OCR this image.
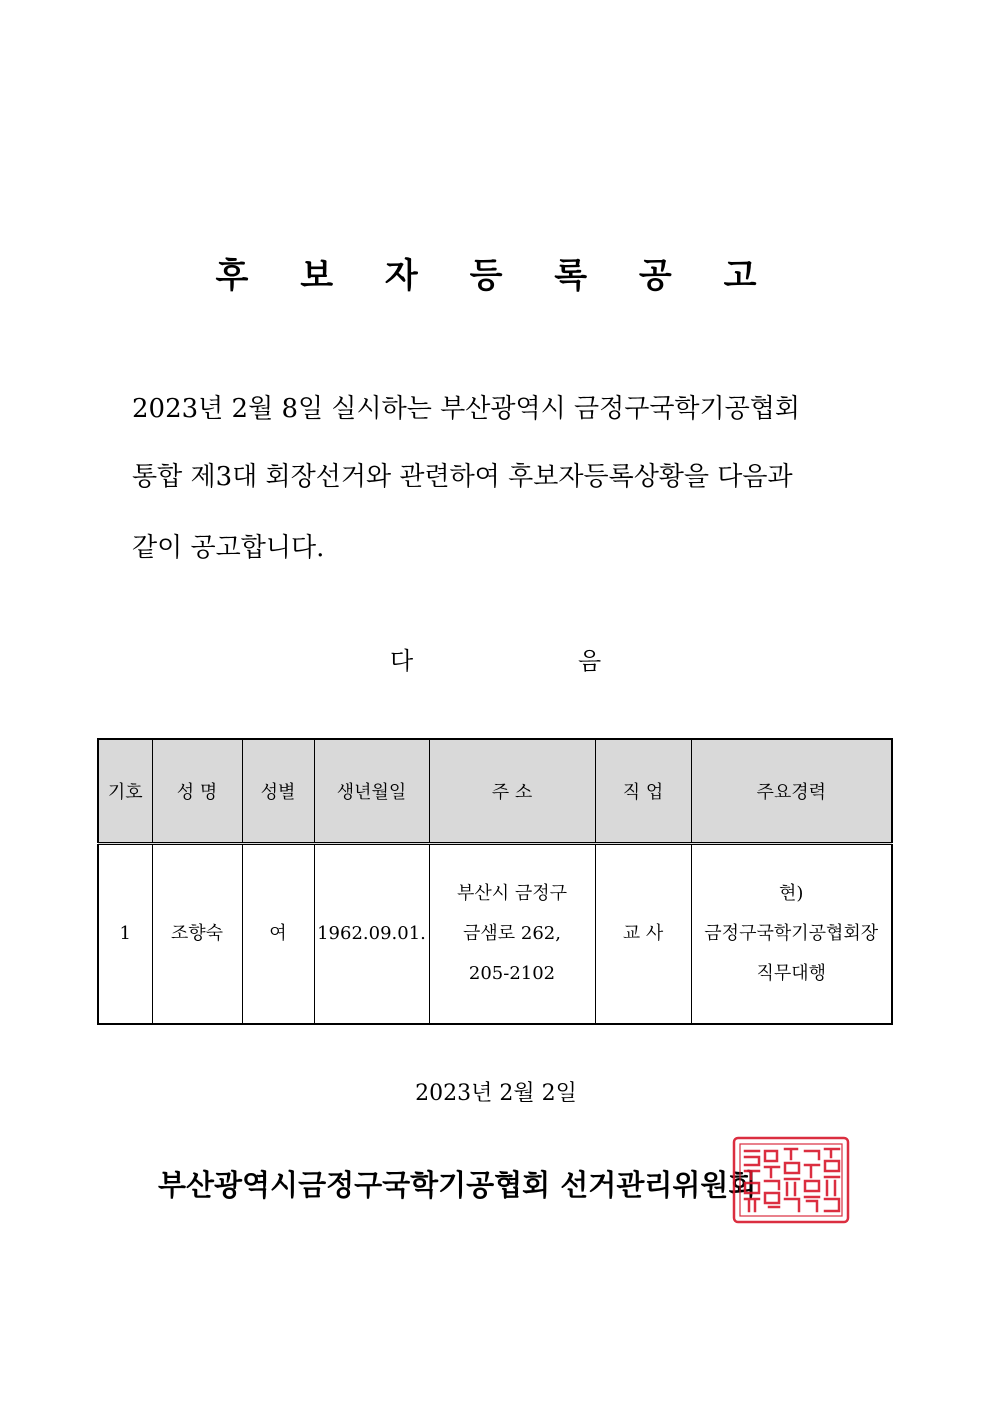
후 보 자 등 록 공 고
2023년 2월 8일 실시하는 부산광역시 금정구국학기공협회
통합 제3대 회장선거와 관련하여 후보자등록상황을 다음과
같이 공고합니다.
다	음
기호	성 명	성별	생년월일	주 소	직 업	주요경력
1	조향숙	여	1962.09.01.	부산시 금정구
금샘로 262,
205-2102	교 사	현)
금정구국학기공협회장
직무대행
2023년 2월 2일
부산광역시금정구국학기공협회 선거관리위원회
